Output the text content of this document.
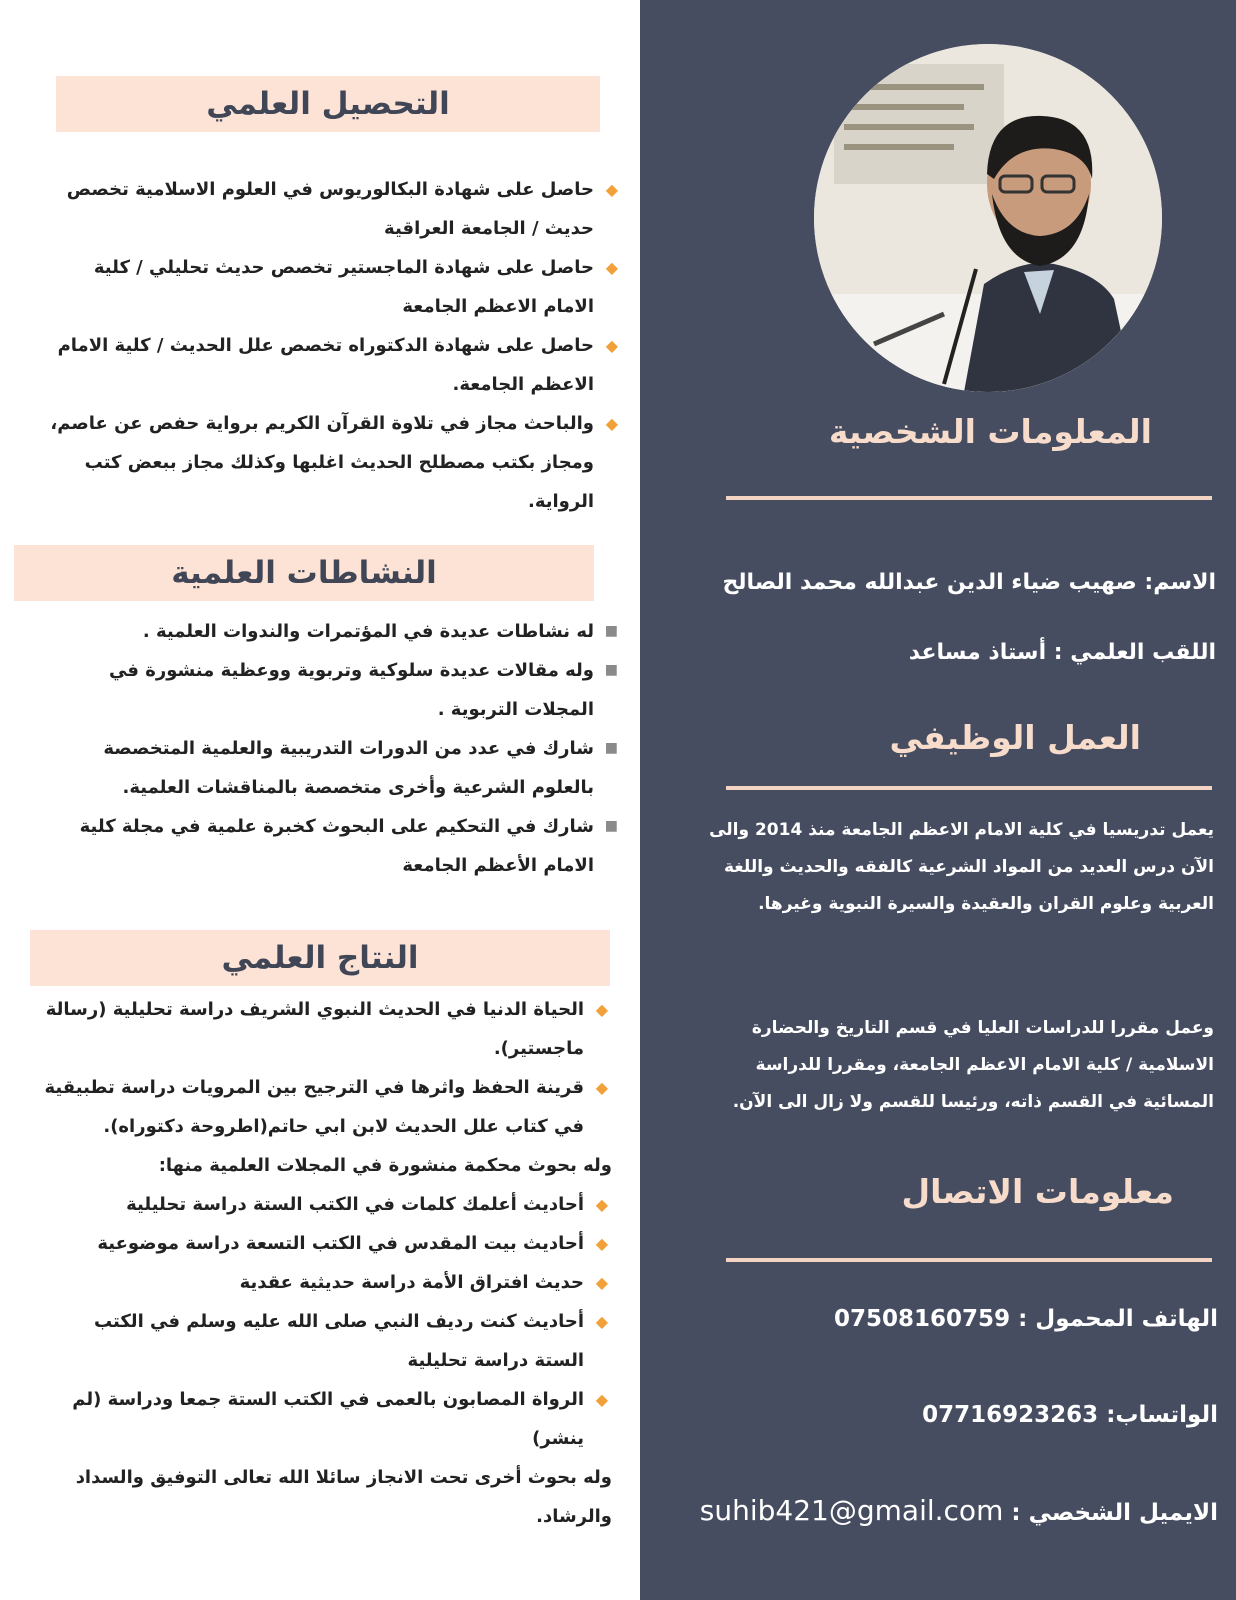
المعلومات الشخصية
الاسم: صهيب ضياء الدين عبدالله محمد الصالح
اللقب العلمي : أستاذ مساعد
العمل الوظيفي
يعمل تدريسيا في كلية الامام الاعظم الجامعة منذ 2014 والى الآن درس العديد من المواد الشرعية كالفقه والحديث واللغة العربية وعلوم القران والعقيدة والسيرة النبوية وغيرها.
وعمل مقررا للدراسات العليا في قسم التاريخ والحضارة الاسلامية / كلية الامام الاعظم الجامعة، ومقررا للدراسة المسائية في القسم ذاته، ورئيسا للقسم ولا زال الى الآن.
معلومات الاتصال
الهاتف المحمول : 07508160759
الواتساب: 07716923263
الايميل الشخصي : suhib421@gmail.com
التحصيل العلمي
◆
حاصل على شهادة البكالوريوس في العلوم الاسلامية تخصص حديث / الجامعة العراقية
◆
حاصل على شهادة الماجستير تخصص حديث تحليلي / كلية الامام الاعظم الجامعة
◆
حاصل على شهادة الدكتوراه تخصص علل الحديث / كلية الامام الاعظم الجامعة.
◆
والباحث مجاز في تلاوة القرآن الكريم برواية حفص عن عاصم، ومجاز بكتب مصطلح الحديث اغلبها وكذلك مجاز ببعض كتب الرواية.
النشاطات العلمية
■
له نشاطات عديدة في المؤتمرات والندوات العلمية .
■
وله مقالات عديدة سلوكية وتربوية ووعظية منشورة في المجلات التربوية .
■
شارك في عدد من الدورات التدريبية والعلمية المتخصصة بالعلوم الشرعية وأخرى متخصصة بالمناقشات العلمية.
■
شارك في التحكيم على البحوث كخبرة علمية في مجلة كلية الامام الأعظم الجامعة
النتاج العلمي
◆
الحياة الدنيا في الحديث النبوي الشريف دراسة تحليلية (رسالة ماجستير).
◆
قرينة الحفظ واثرها في الترجيح بين المرويات دراسة تطبيقية في كتاب علل الحديث لابن ابي حاتم(اطروحة دكتوراه).
وله بحوث محكمة منشورة في المجلات العلمية منها:
◆
أحاديث أعلمك كلمات في الكتب الستة دراسة تحليلية
◆
أحاديث بيت المقدس في الكتب التسعة دراسة موضوعية
◆
حديث افتراق الأمة دراسة حديثية عقدية
◆
أحاديث كنت رديف النبي صلى الله عليه وسلم في الكتب الستة دراسة تحليلية
◆
الرواة المصابون بالعمى في الكتب الستة جمعا ودراسة (لم ينشر)
وله بحوث أخرى تحت الانجاز سائلا الله تعالى التوفيق والسداد والرشاد.
